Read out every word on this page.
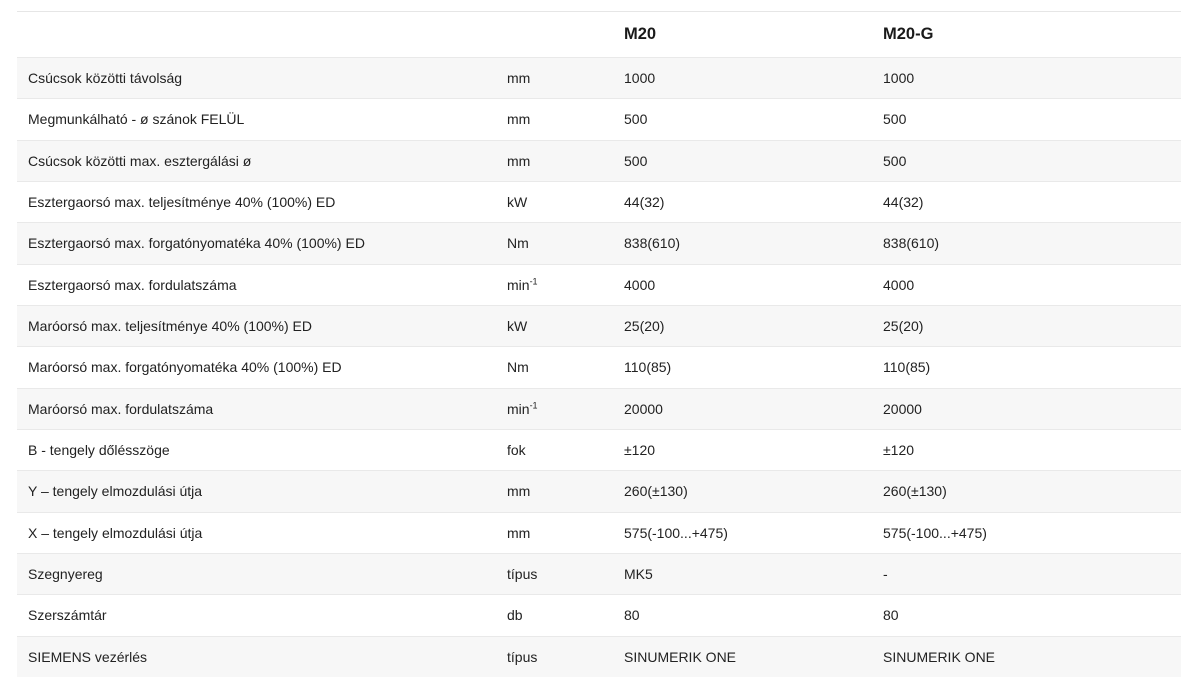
		M20	M20-G
Csúcsok közötti távolság	mm	1000	1000
Megmunkálható - ø szánok FELÜL	mm	500	500
Csúcsok közötti max. esztergálási ø	mm	500	500
Esztergaorsó max. teljesítménye 40% (100%) ED	kW	44(32)	44(32)
Esztergaorsó max. forgatónyomatéka 40% (100%) ED	Nm	838(610)	838(610)
Esztergaorsó max. fordulatszáma	$\min^{-1}$	4000	4000
Maróorsó max. teljesítménye 40% (100%) ED	kW	25(20)	25(20)
Maróorsó max. forgatónyomatéka 40% (100%) ED	Nm	110(85)	110(85)
Maróorsó max. fordulatszáma	$\min^{-1}$	20000	20000
B - tengely dőlésszöge	fok	±120	±120
Y – tengely elmozdulási útja	mm	260(±130)	260(±130)
X – tengely elmozdulási útja	mm	575(-100...+475)	575(-100...+475)
Szegnyereg	típus	MK5	-
Szerszámtár	db	80	80
SIEMENS vezérlés	típus	SINUMERIK ONE	SINUMERIK ONE
